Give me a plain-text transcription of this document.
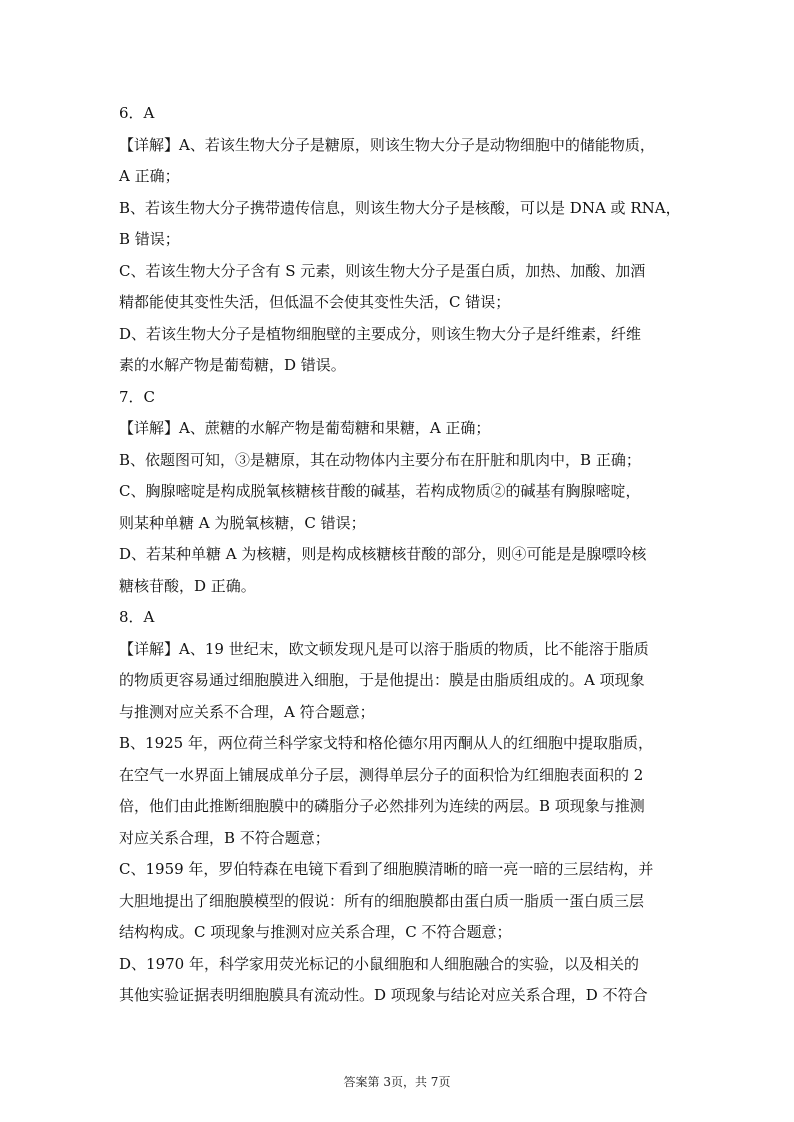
6．A
【详解】A、若该生物大分子是糖原，则该生物大分子是动物细胞中的储能物质，
A 正确；
B、若该生物大分子携带遗传信息，则该生物大分子是核酸，可以是 DNA 或 RNA，
B 错误；
C、若该生物大分子含有 S 元素，则该生物大分子是蛋白质，加热、加酸、加酒
精都能使其变性失活，但低温不会使其变性失活，C 错误；
D、若该生物大分子是植物细胞壁的主要成分，则该生物大分子是纤维素，纤维
素的水解产物是葡萄糖，D 错误。
7．C
【详解】A、蔗糖的水解产物是葡萄糖和果糖，A 正确；
B、依题图可知，③是糖原，其在动物体内主要分布在肝脏和肌肉中，B 正确；
C、胸腺嘧啶是构成脱氧核糖核苷酸的碱基，若构成物质②的碱基有胸腺嘧啶，
则某种单糖 A 为脱氧核糖，C 错误；
D、若某种单糖 A 为核糖，则是构成核糖核苷酸的部分，则④可能是是腺嘌呤核
糖核苷酸，D 正确。
8．A
【详解】A、19 世纪末，欧文顿发现凡是可以溶于脂质的物质，比不能溶于脂质
的物质更容易通过细胞膜进入细胞，于是他提出：膜是由脂质组成的。A 项现象
与推测对应关系不合理，A 符合题意；
B、1925 年，两位荷兰科学家戈特和格伦德尔用丙酮从人的红细胞中提取脂质，
在空气一水界面上铺展成单分子层，测得单层分子的面积恰为红细胞表面积的 2
倍，他们由此推断细胞膜中的磷脂分子必然排列为连续的两层。B 项现象与推测
对应关系合理，B 不符合题意；
C、1959 年，罗伯特森在电镜下看到了细胞膜清晰的暗一亮一暗的三层结构，并
大胆地提出了细胞膜模型的假说：所有的细胞膜都由蛋白质一脂质一蛋白质三层
结构构成。C 项现象与推测对应关系合理，C 不符合题意；
D、1970 年，科学家用荧光标记的小鼠细胞和人细胞融合的实验，以及相关的
其他实验证据表明细胞膜具有流动性。D 项现象与结论对应关系合理，D 不符合
答案第 3页，共 7页
